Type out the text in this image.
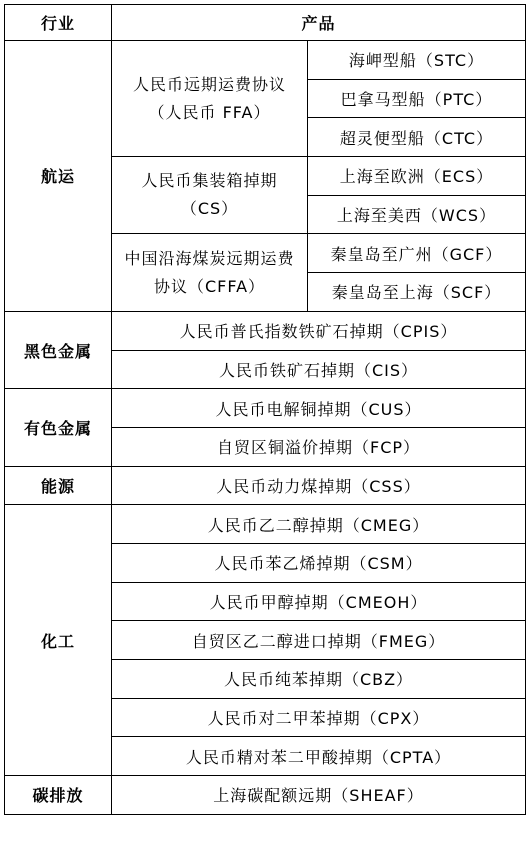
行业	产品	
航运	人民币远期运费协议（人民币 FFA）	海岬型船（STC）
		巴拿马型船（PTC）
		超灵便型船（CTC）
	人民币集装箱掉期（CS）	上海至欧洲（ECS）
		上海至美西（WCS）
	中国沿海煤炭远期运费协议（CFFA）	秦皇岛至广州（GCF）
		秦皇岛至上海（SCF）
黑色金属	人民币普氏指数铁矿石掉期（CPIS）	
	人民币铁矿石掉期（CIS）	
有色金属	人民币电解铜掉期（CUS）	
	自贸区铜溢价掉期（FCP）	
能源	人民币动力煤掉期（CSS）	
化工	人民币乙二醇掉期（CMEG）	
	人民币苯乙烯掉期（CSM）	
	人民币甲醇掉期（CMEOH）	
	自贸区乙二醇进口掉期（FMEG）	
	人民币纯苯掉期（CBZ）	
	人民币对二甲苯掉期（CPX）	
	人民币精对苯二甲酸掉期（CPTA）	
碳排放	上海碳配额远期（SHEAF）	
